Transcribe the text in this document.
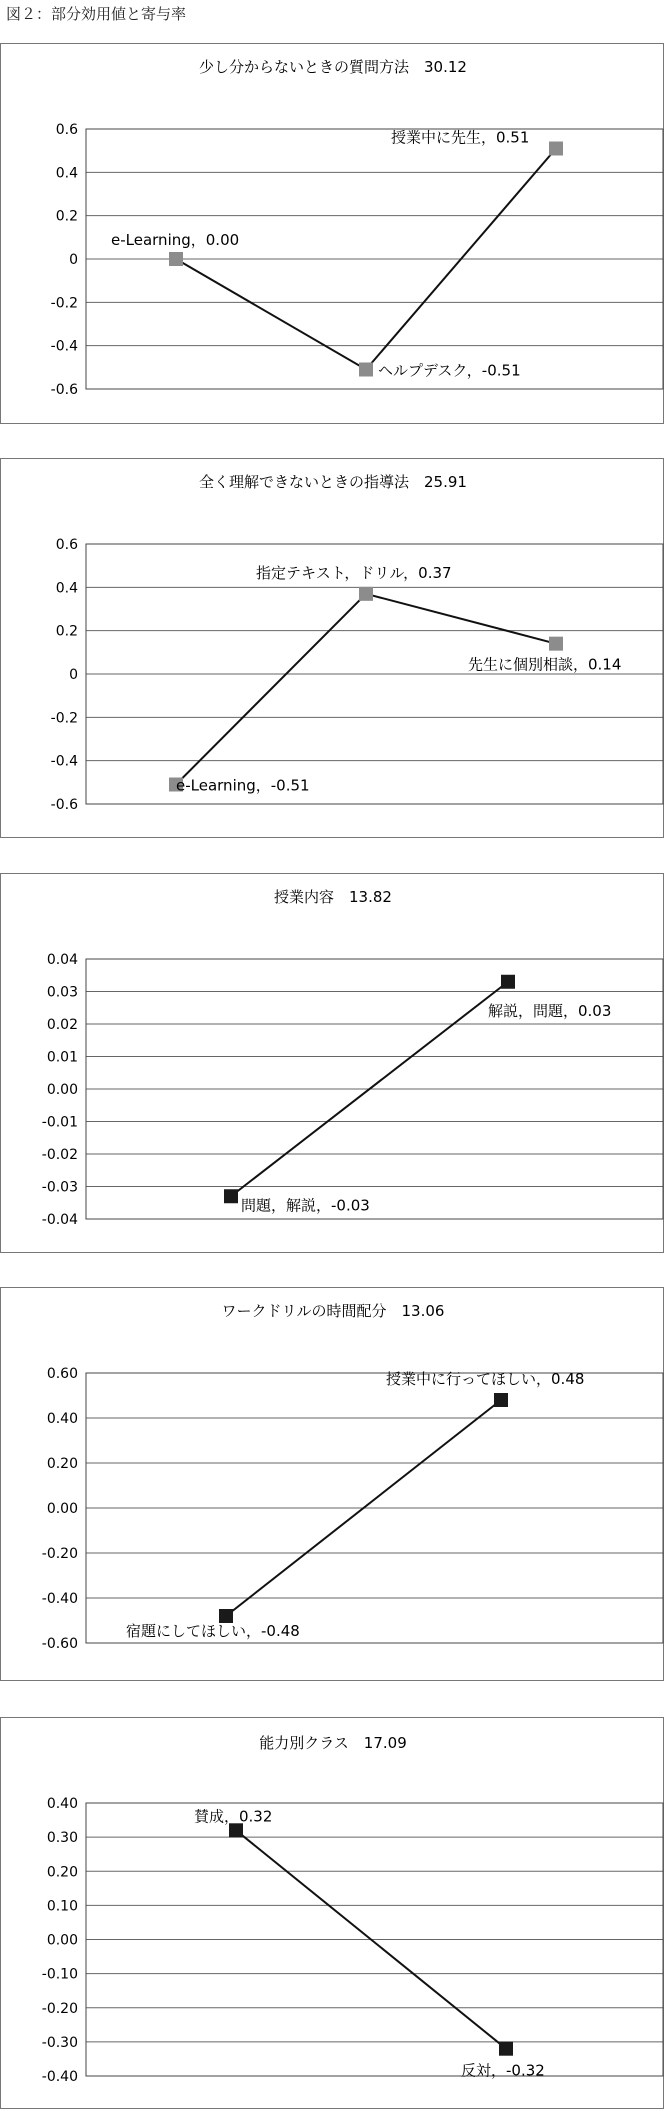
図２：部分効用値と寄与率
少し分からないときの質問方法　30.12
0.6
0.4
0.2
0
-0.2
-0.4
-0.6
e-Learning，0.00
ヘルプデスク，-0.51
授業中に先生，0.51
全く理解できないときの指導法　25.91
0.6
0.4
0.2
0
-0.2
-0.4
-0.6
e-Learning，-0.51
指定テキスト，ドリル，0.37
先生に個別相談，0.14
授業内容　13.82
0.04
0.03
0.02
0.01
0.00
-0.01
-0.02
-0.03
-0.04
問題，解説，-0.03
解説，問題，0.03
ワークドリルの時間配分　13.06
0.60
0.40
0.20
0.00
-0.20
-0.40
-0.60
宿題にしてほしい，-0.48
授業中に行ってほしい，0.48
能力別クラス　17.09
0.40
0.30
0.20
0.10
0.00
-0.10
-0.20
-0.30
-0.40
賛成，0.32
反対，-0.32
